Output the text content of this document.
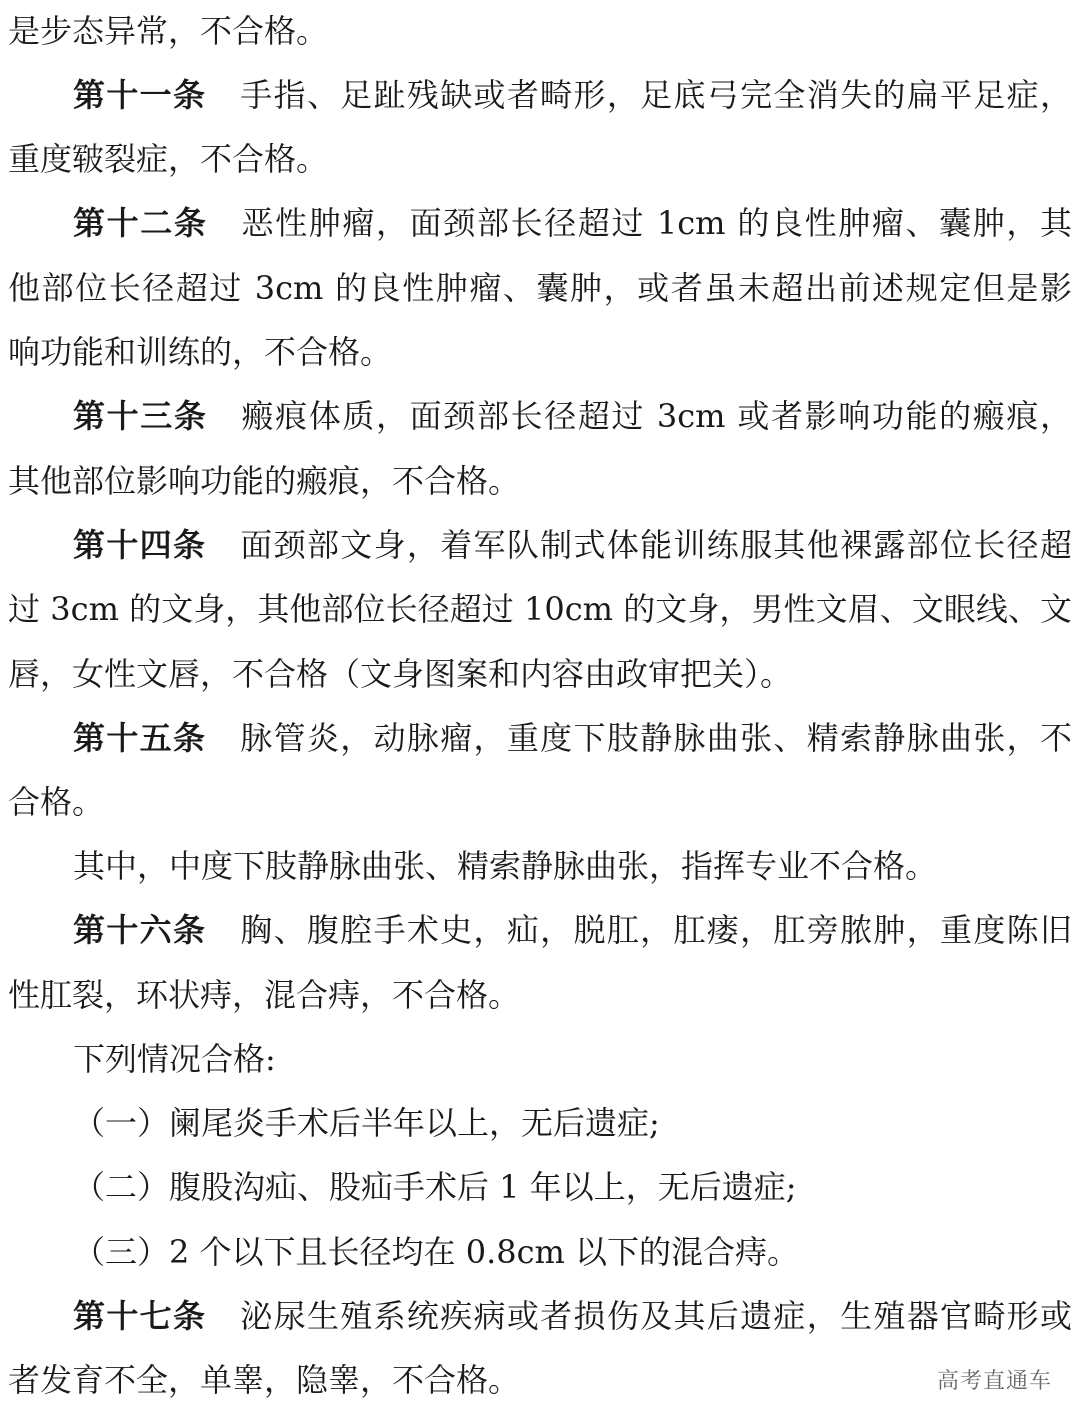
是步态异常，不合格。
第十一条 手指、足趾残缺或者畸形，足底弓完全消失的扁平足症，
重度皲裂症，不合格。
第十二条 恶性肿瘤，面颈部长径超过 1cm 的良性肿瘤、囊肿，其
他部位长径超过 3cm 的良性肿瘤、囊肿，或者虽未超出前述规定但是影
响功能和训练的，不合格。
第十三条 瘢痕体质，面颈部长径超过 3cm 或者影响功能的瘢痕，
其他部位影响功能的瘢痕，不合格。
第十四条 面颈部文身，着军队制式体能训练服其他裸露部位长径超
过 3cm 的文身，其他部位长径超过 10cm 的文身，男性文眉、文眼线、文
唇，女性文唇，不合格（文身图案和内容由政审把关）。
第十五条 脉管炎，动脉瘤，重度下肢静脉曲张、精索静脉曲张，不
合格。
其中，中度下肢静脉曲张、精索静脉曲张，指挥专业不合格。
第十六条 胸、腹腔手术史，疝，脱肛，肛瘘，肛旁脓肿，重度陈旧
性肛裂，环状痔，混合痔，不合格。
下列情况合格:
（一）阑尾炎手术后半年以上，无后遗症;
（二）腹股沟疝、股疝手术后 1 年以上，无后遗症;
（三）2 个以下且长径均在 0.8cm 以下的混合痔。
第十七条 泌尿生殖系统疾病或者损伤及其后遗症，生殖器官畸形或
者发育不全，单睾，隐睾，不合格。	高考直通车
